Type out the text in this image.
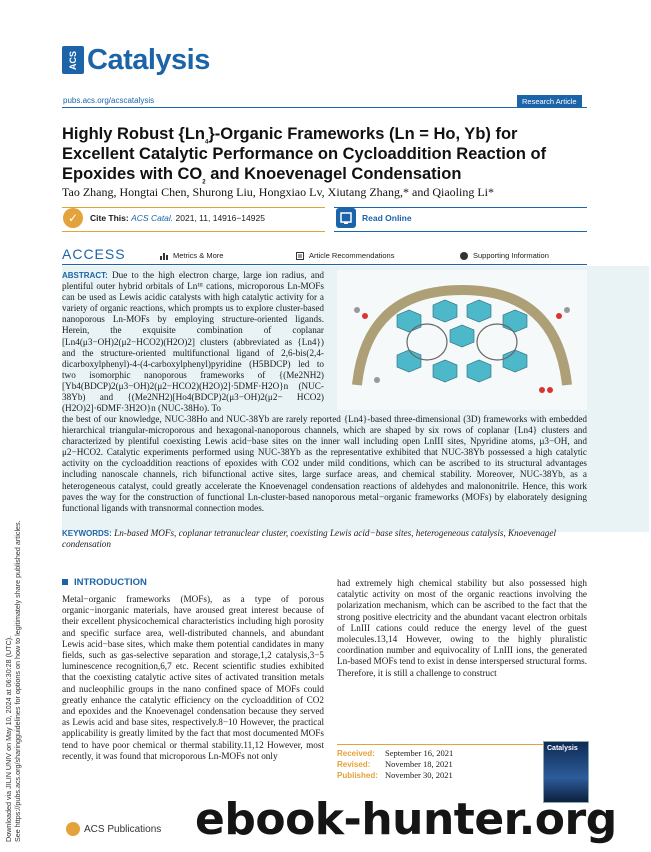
Downloaded via JILIN UNIV on May 10, 2024 at 06:30:28 (UTC). See https://pubs.acs.org/sharingguidelines for options on how to legitimately share published articles.
ACS Catalysis
pubs.acs.org/acscatalysis	Research Article
Highly Robust $\{Ln_4\}$-Organic Frameworks (Ln = Ho, Yb) for Excellent Catalytic Performance on Cycloaddition Reaction of Epoxides with $CO_2$ and Knoevenagel Condensation
Tao Zhang, Hongtai Chen, Shurong Liu, Hongxiao Lv, Xiutang Zhang,* and Qiaoling Li*
✓	Cite This: ACS Catal. 2021, 11, 14916−14925	Read Online
ACCESS	Metrics & More	Article Recommendations	Supporting Information
ABSTRACT: Due to the high electron charge, large ion radius, and plentiful outer hybrid orbitals of Lnᴵᴵᴵ cations, microporous Ln-MOFs can be used as Lewis acidic catalysts with high catalytic activity for a variety of organic reactions, which prompts us to explore cluster-based nanoporous Ln-MOFs by employing structure-oriented ligands. Herein, the exquisite combination of coplanar [Ln4(μ3−OH)2(μ2−HCO2)(H2O)2] clusters (abbreviated as {Ln4}) and the structure-oriented multifunctional ligand of 2,6-bis(2,4- dicarboxylphenyl)-4-(4-carboxylphenyl)pyridine (H5BDCP) led to two isomorphic nanoporous frameworks of {(Me2NH2)[Yb4(BDCP)2(μ3−OH)2(μ2−HCO2)(H2O)2]·5DMF·H2O}n (NUC-38Yb) and {(Me2NH2)[Ho4(BDCP)2(μ3−OH)2(μ2− HCO2)(H2O)2]·6DMF·3H2O}n (NUC-38Ho). To
the best of our knowledge, NUC-38Ho and NUC-38Yb are rarely reported {Ln4}-based three-dimensional (3D) frameworks with embedded hierarchical triangular-microporous and hexagonal-nanoporous channels, which are shaped by six rows of coplanar {Ln4} clusters and characterized by plentiful coexisting Lewis acid−base sites on the inner wall including open LnIII sites, Npyridine atoms, μ3−OH, and μ2−HCO2. Catalytic experiments performed using NUC-38Yb as the representative exhibited that NUC-38Yb possessed a high catalytic activity on the cycloaddition reactions of epoxides with CO2 under mild conditions, which can be ascribed to its structural advantages including nanoscale channels, rich bifunctional active sites, large surface areas, and chemical stability. Moreover, NUC-38Yb, as a heterogeneous catalyst, could greatly accelerate the Knoevenagel condensation reactions of aldehydes and malononitrile. Hence, this work paves the way for the construction of functional Ln-cluster-based nanoporous metal−organic frameworks (MOFs) by elaborately designing functional ligands with transnormal connection modes.
KEYWORDS: Ln-based MOFs, coplanar tetranuclear cluster, coexisting Lewis acid−base sites, heterogeneous catalysis, Knoevenagel condensation
INTRODUCTION
Metal−organic frameworks (MOFs), as a type of porous organic−inorganic materials, have aroused great interest because of their excellent physicochemical characteristics including high porosity and specific surface area, well-distributed channels, and abundant Lewis acid−base sites, which make them potential candidates in many fields, such as gas-selective separation and storage,1,2 catalysis,3−5 luminescence recognition,6,7 etc. Recent scientific studies exhibited that the coexisting catalytic active sites of activated transition metals and nucleophilic groups in the nano confined space of MOFs could greatly enhance the catalytic efficiency on the cycloaddition of CO2 and epoxides and the Knoevenagel condensation because they served as Lewis acid and base sites, respectively.8−10 However, the practical applicability is greatly limited by the fact that most documented MOFs tend to have poor chemical or thermal stability.11,12 However, most recently, it was found that microporous Ln-MOFs not only
had extremely high chemical stability but also possessed high catalytic activity on most of the organic reactions involving the polarization mechanism, which can be ascribed to the fact that the strong positive electricity and the abundant vacant electron orbitals of LnIII cations could reduce the energy level of the guest molecules.13,14 However, owing to the highly pluralistic coordination number and equivocality of LnIII ions, the generated Ln-based MOFs tend to exist in dense interspersed structural forms. Therefore, it is still a challenge to construct
Received: September 16, 2021
Revised: November 18, 2021
Published: November 30, 2021
Catalysis
ACS Publications ebook-hunter.org
